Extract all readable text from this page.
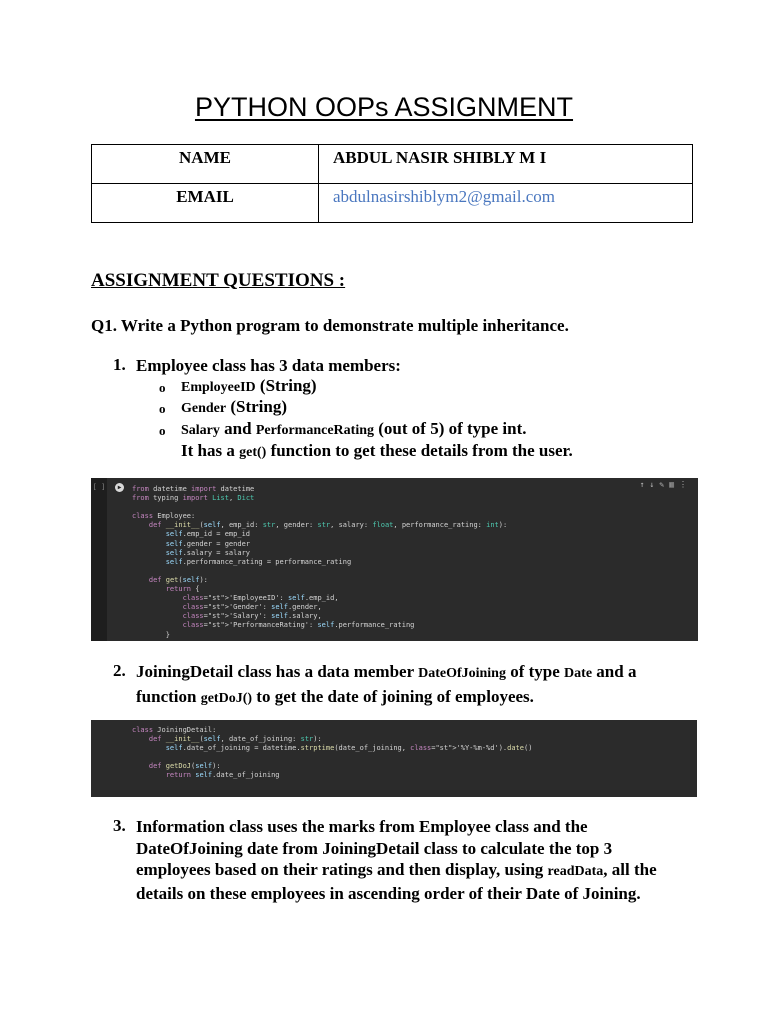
PYTHON OOPs ASSIGNMENT
NAME	ABDUL NASIR SHIBLY M I
EMAIL	abdulnasirshiblym2@gmail.com
ASSIGNMENT QUESTIONS :
Q1. Write a Python program to demonstrate multiple inheritance.
1. Employee class has 3 data members:
o EmployeeID (String)
o Gender (String)
o Salary and PerformanceRating (out of 5) of type int.
It has a get() function to get these details from the user.
[ ]	▶	↑↓✎▥⋮
from datetime import datetime
from typing import List, Dict

class Employee:
def __init__(self, emp_id: str, gender: str, salary: float, performance_rating: int):
self.emp_id = emp_id
self.gender = gender
self.salary = salary
self.performance_rating = performance_rating

def get(self):
return {
class="st">'EmployeeID': self.emp_id,
class="st">'Gender': self.gender,
class="st">'Salary': self.salary,
class="st">'PerformanceRating': self.performance_rating
}
2. JoiningDetail class has a data member DateOfJoining of type Date and a
function getDoJ() to get the date of joining of employees.
class JoiningDetail:
def __init__(self, date_of_joining: str):
self.date_of_joining = datetime.strptime(date_of_joining, class="st">'%Y-%m-%d').date()

def getDoJ(self):
return self.date_of_joining
3. Information class uses the marks from Employee class and the DateOfJoining date from JoiningDetail class to calculate the top 3 employees based on their ratings and then display, using readData, all the details on these employees in ascending order of their Date of Joining.
